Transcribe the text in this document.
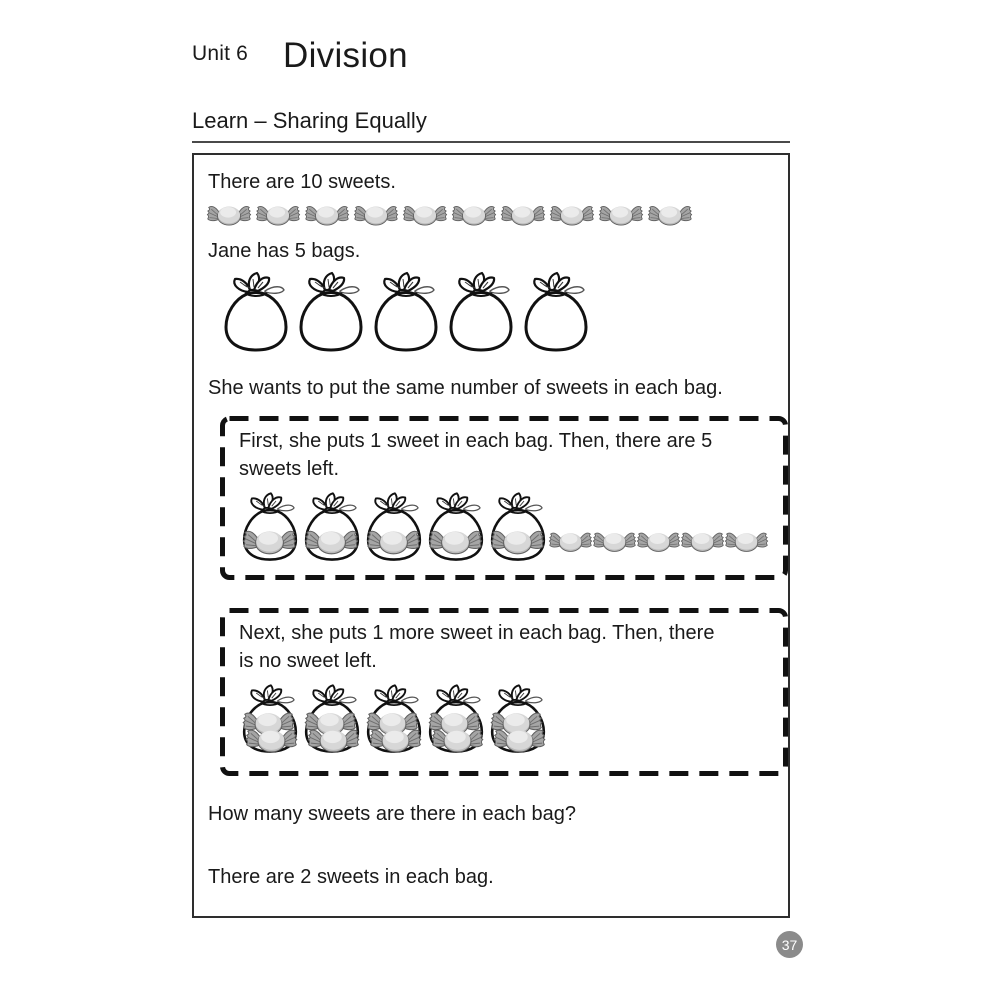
Unit 6 Division
Learn – Sharing Equally
There are 10 sweets.
Jane has 5 bags.
She wants to put the same number of sweets in each bag.
First, she puts 1 sweet in each bag. Then, there are 5 sweets left.
Next, she puts 1 more sweet in each bag. Then, there is no sweet left.
How many sweets are there in each bag?
There are 2 sweets in each bag.
37
